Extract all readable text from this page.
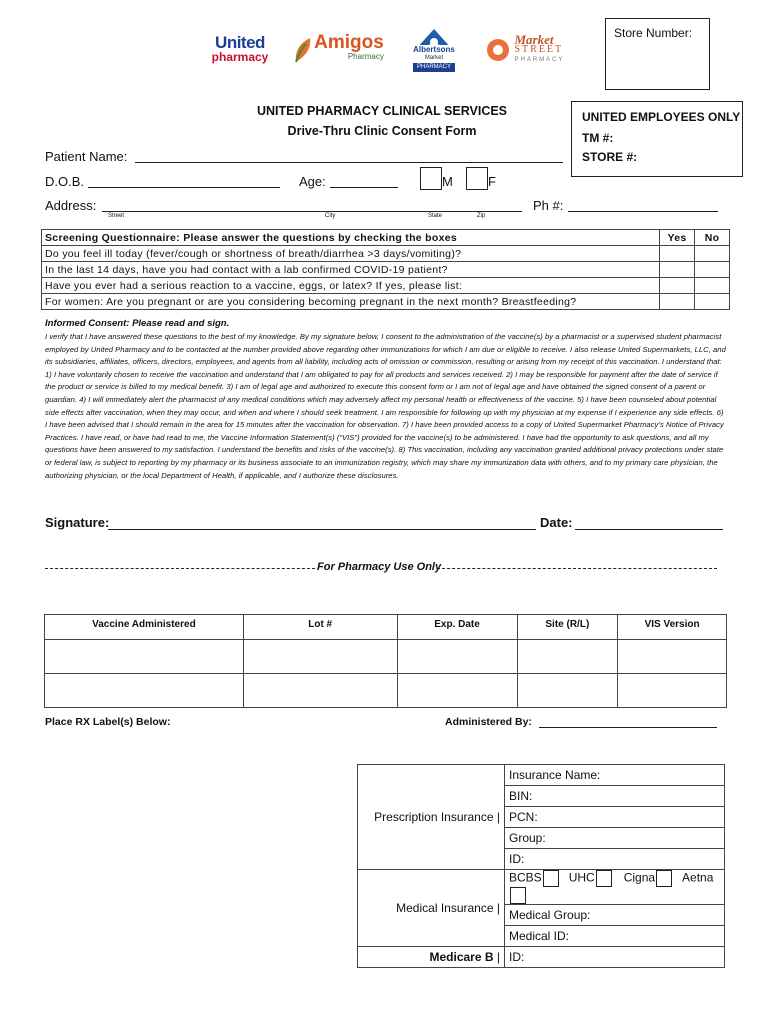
United
pharmacy
Amigos
Pharmacy
Albertsons
Market
PHARMACY
Market
STREET
PHARMACY
Store Number:
UNITED PHARMACY CLINICAL SERVICES
Drive-Thru Clinic Consent Form
UNITED EMPLOYEES ONLY
TM #:
STORE #:
Patient Name:
D.O.B.	Age:	M	F
Address:
Street	City	State	Zip
Ph #:
Screening Questionnaire: Please answer the questions by checking the boxes	Yes	No
Do you feel ill today (fever/cough or shortness of breath/diarrhea >3 days/vomiting)?		
In the last 14 days, have you had contact with a lab confirmed COVID-19 patient?		
Have you ever had a serious reaction to a vaccine, eggs, or latex? If yes, please list:		
For women: Are you pregnant or are you considering becoming pregnant in the next month? Breastfeeding?		
Informed Consent: Please read and sign.
I verify that I have answered these questions to the best of my knowledge. By my signature below, I consent to the administration of the vaccine(s) by a pharmacist or a supervised student pharmacist employed by United Pharmacy and to be contacted at the number provided above regarding other immunizations for which I am due or eligible to receive. I also release United Supermarkets, LLC, and its subsidiaries, affiliates, officers, directors, employees, and agents from all liability, including acts of omission or commission, resulting or arising from my receipt of this vaccination. I understand that: 1) I have voluntarily chosen to receive the vaccination and understand that I am obligated to pay for all products and services received. 2) I may be responsible for payment after the date of service if the product or service is billed to my medical benefit. 3) I am of legal age and authorized to execute this consent form or I am not of legal age and have obtained the signed consent of a parent or guardian. 4) I will immediately alert the pharmacist of any medical conditions which may adversely affect my personal health or effectiveness of the vaccine. 5) I have been counseled about potential side effects after vaccination, when they may occur, and when and where I should seek treatment. I am responsible for following up with my physician at my expense if I experience any side effects. 6) I have been advised that I should remain in the area for 15 minutes after the vaccination for observation. 7) I have been provided access to a copy of United Supermarket Pharmacy’s Notice of Privacy Practices. I have read, or have had read to me, the Vaccine Information Statement(s) (“VIS”) provided for the vaccine(s) to be administered. I have had the opportunity to ask questions, and all my questions have been answered to my satisfaction. I understand the benefits and risks of the vaccine(s). 8) This vaccination, including any vaccination granted additional privacy protections under state or federal law, is subject to reporting by my pharmacy or its business associate to an immunization registry, which may share my immunization data with others, and to my primary care physician, the authorizing physician, or the local Department of Health, if applicable, and I authorize these disclosures.
Signature:	Date:
For Pharmacy Use Only
Vaccine Administered	Lot #	Exp. Date	Site (R/L)	VIS Version

Place RX Label(s) Below:	Administered By:
Prescription Insurance |	Insurance Name:
	BIN:
	PCN:
	Group:
	ID:
Medical Insurance |	BCBS UHC Cigna Aetna
	Medical Group:
	Medical ID:
Medicare B |	ID:
